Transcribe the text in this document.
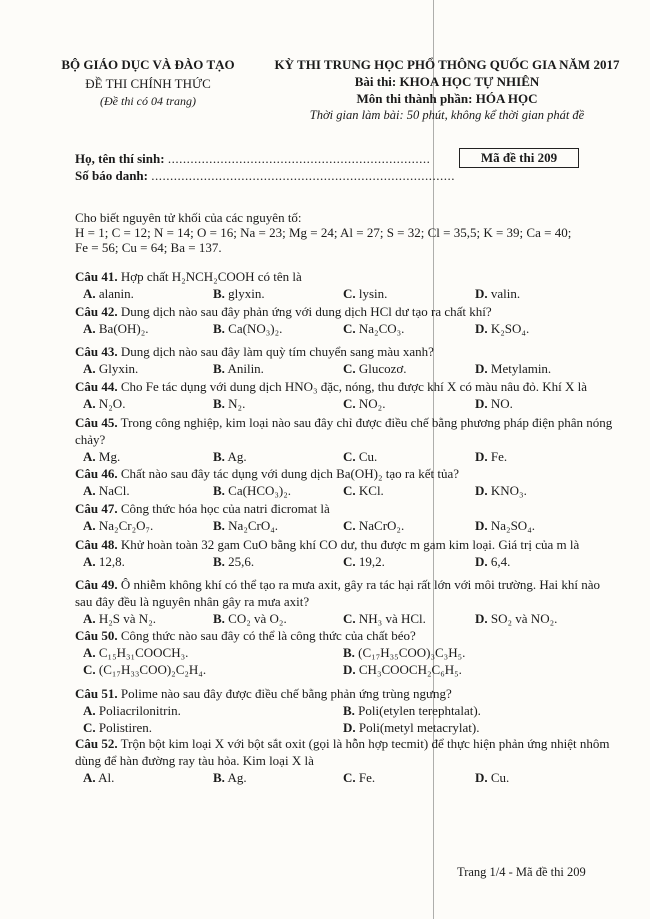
BỘ GIÁO DỤC VÀ ĐÀO TẠO
ĐỀ THI CHÍNH THỨC
(Đề thi có 04 trang)
KỲ THI TRUNG HỌC PHỔ THÔNG QUỐC GIA NĂM 2017
Bài thi: KHOA HỌC TỰ NHIÊN
Môn thi thành phần: HÓA HỌC
Thời gian làm bài: 50 phút, không kể thời gian phát đề
Họ, tên thí sinh: ......................................................................
Số báo danh: .................................................................................
Mã đề thi 209
Cho biết nguyên tử khối của các nguyên tố:
H = 1; C = 12; N = 14; O = 16; Na = 23; Mg = 24; Al = 27; S = 32; Cl = 35,5; K = 39; Ca = 40;
Fe = 56; Cu = 64; Ba = 137.
Câu 41. Hợp chất H₂NCH₂COOH có tên là
A. alanin.	B. glyxin.	C. lysin.	D. valin.
Câu 42. Dung dịch nào sau đây phản ứng với dung dịch HCl dư tạo ra chất khí?
A. Ba(OH)₂.	B. Ca(NO₃)₂.	C. Na₂CO₃.	D. K₂SO₄.
Câu 43. Dung dịch nào sau đây làm quỳ tím chuyển sang màu xanh?
A. Glyxin.	B. Anilin.	C. Glucozơ.	D. Metylamin.
Câu 44. Cho Fe tác dụng với dung dịch HNO₃ đặc, nóng, thu được khí X có màu nâu đỏ. Khí X là
A. N₂O.	B. N₂.	C. NO₂.	D. NO.
Câu 45. Trong công nghiệp, kim loại nào sau đây chỉ được điều chế bằng phương pháp điện phân nóng chảy?
A. Mg.	B. Ag.	C. Cu.	D. Fe.
Câu 46. Chất nào sau đây tác dụng với dung dịch Ba(OH)₂ tạo ra kết tủa?
A. NaCl.	B. Ca(HCO₃)₂.	C. KCl.	D. KNO₃.
Câu 47. Công thức hóa học của natri đicromat là
A. Na₂Cr₂O₇.	B. Na₂CrO₄.	C. NaCrO₂.	D. Na₂SO₄.
Câu 48. Khử hoàn toàn 32 gam CuO bằng khí CO dư, thu được m gam kim loại. Giá trị của m là
A. 12,8.	B. 25,6.	C. 19,2.	D. 6,4.
Câu 49. Ô nhiễm không khí có thể tạo ra mưa axit, gây ra tác hại rất lớn với môi trường. Hai khí nào sau đây đều là nguyên nhân gây ra mưa axit?
A. H₂S và N₂.	B. CO₂ và O₂.	C. NH₃ và HCl.	D. SO₂ và NO₂.
Câu 50. Công thức nào sau đây có thể là công thức của chất béo?
A. C₁₅H₃₁COOCH₃.	B. (C₁₇H₃₅COO)₃C₃H₅.
C. (C₁₇H₃₃COO)₂C₂H₄.	D. CH₃COOCH₂C₆H₅.
Câu 51. Polime nào sau đây được điều chế bằng phản ứng trùng ngưng?
A. Poliacrilonitrin.	B. Poli(etylen terephtalat).
C. Polistiren.	D. Poli(metyl metacrylat).
Câu 52. Trộn bột kim loại X với bột sắt oxit (gọi là hỗn hợp tecmit) để thực hiện phản ứng nhiệt nhôm dùng để hàn đường ray tàu hỏa. Kim loại X là
A. Al.	B. Ag.	C. Fe.	D. Cu.
Trang 1/4 - Mã đề thi 209
